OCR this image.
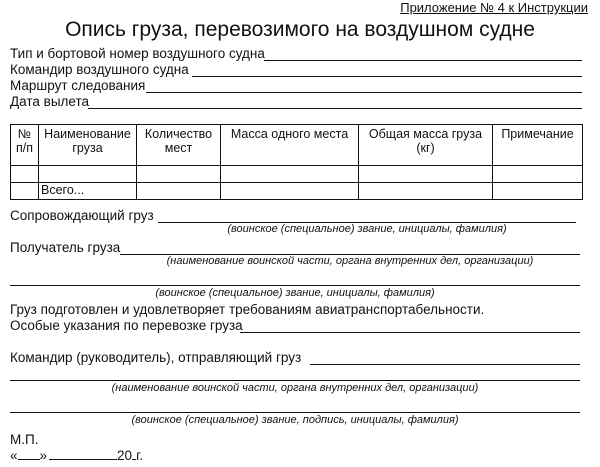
Приложение № 4 к Инструкции
Опись груза, перевозимого на воздушном судне
Тип и бортовой номер воздушного судна
Командир воздушного судна
Маршрут следования
Дата вылета
№ п/п	Наименование груза	Количество мест	Масса одного места	Общая масса груза (кг)	Примечание

	Всего...				
Сопровождающий груз
(воинское (специальное) звание, инициалы, фамилия)
Получатель груза
(наименование воинской части, органа внутренних дел, организации)
(воинское (специальное) звание, инициалы, фамилия)
Груз подготовлен и удовлетворяет требованиям авиатранспортабельности.
Особые указания по перевозке груза
Командир (руководитель), отправляющий груз
(наименование воинской части, органа внутренних дел, организации)
(воинское (специальное) звание, подпись, инициалы, фамилия)
М.П.
« »	20 г.
